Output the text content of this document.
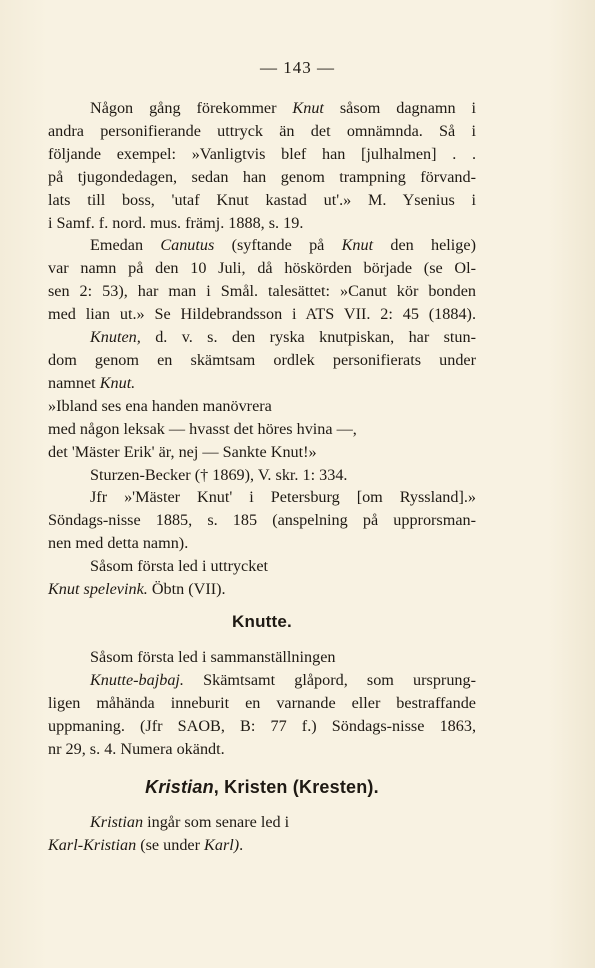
— 143 —

Någon gång förekommer Knut såsom dagnamn i
andra personifierande uttryck än det omnämnda. Så i
följande exempel: »Vanligtvis blef han [julhalmen] . .
på tjugondedagen, sedan han genom trampning förvand-
lats till boss, 'utaf Knut kastad ut'.» M. Ysenius i
i Samf. f. nord. mus. främj. 1888, s. 19.

Emedan Canutus (syftande på Knut den helige)
var namn på den 10 Juli, då höskörden började (se Ol-
sen 2: 53), har man i Smål. talesättet: »Canut kör bonden
med lian ut.» Se Hildebrandsson i ATS VII. 2: 45 (1884).

Knuten, d. v. s. den ryska knutpiskan, har stun-
dom genom en skämtsam ordlek personifierats under
namnet Knut.

»Ibland ses ena handen manövrera
med någon leksak — hvasst det höres hvina —,
det 'Mäster Erik' är, nej — Sankte Knut!»

Sturzen-Becker († 1869), V. skr. 1: 334.

Jfr »'Mäster Knut' i Petersburg [om Ryssland].»
Söndags-nisse 1885, s. 185 (anspelning på upprorsman-
nen med detta namn).

Såsom första led i uttrycket
Knut spelevink. Öbtn (VII).

Knutte.

Såsom första led i sammanställningen
Knutte-bajbaj. Skämtsamt glåpord, som ursprung-
ligen måhända inneburit en varnande eller bestraffande
uppmaning. (Jfr SAOB, B: 77 f.) Söndags-nisse 1863,
nr 29, s. 4. Numera okändt.

Kristian, Kristen (Kresten).

Kristian ingår som senare led i
Karl-Kristian (se under Karl).
